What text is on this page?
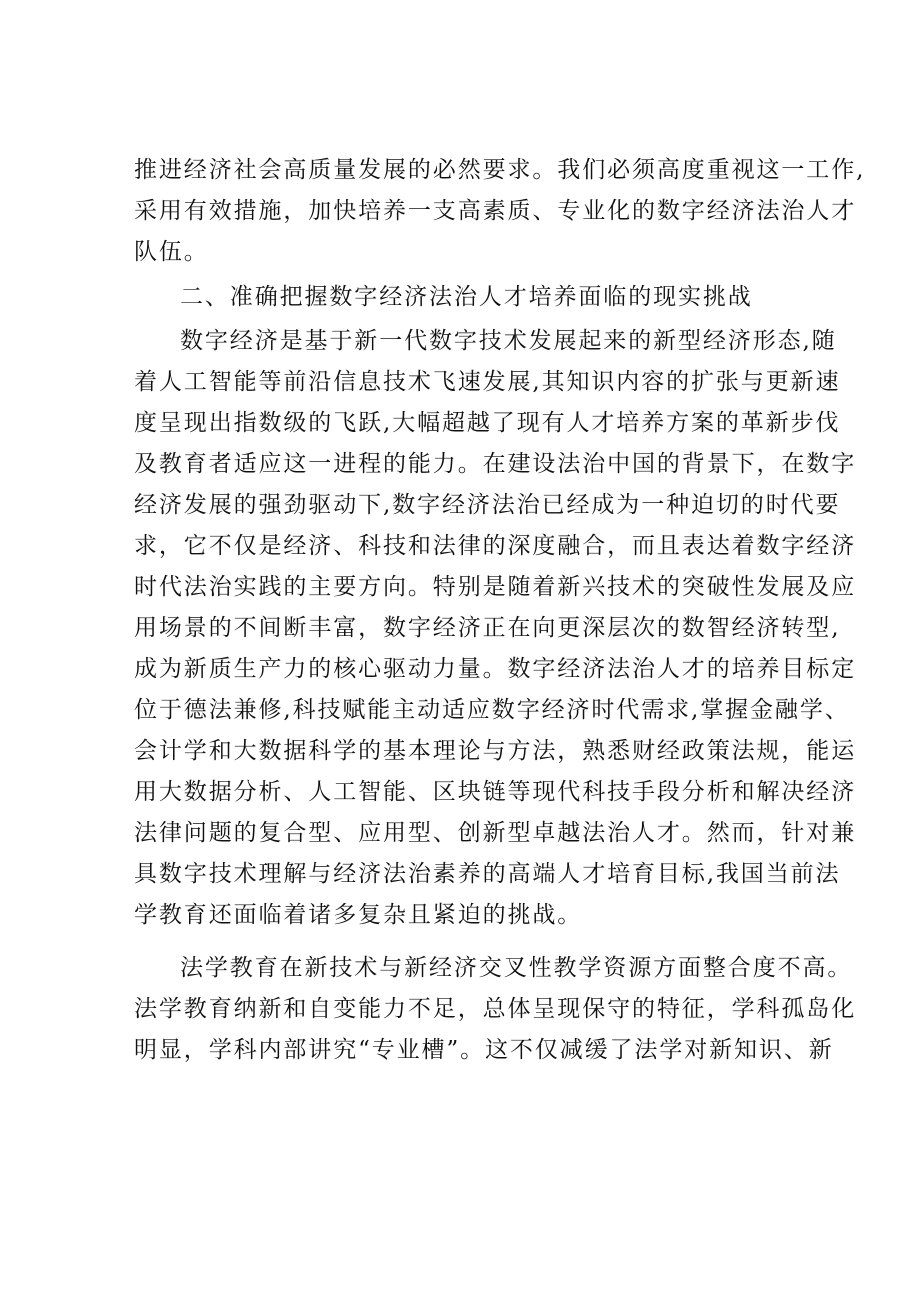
推进经济社会高质量发展的必然要求。我们必须高度重视这一工作,
采用有效措施，加快培养一支高素质、专业化的数字经济法治人才
队伍。
二、准确把握数字经济法治人才培养面临的现实挑战
数字经济是基于新一代数字技术发展起来的新型经济形态,随
着人工智能等前沿信息技术飞速发展,其知识内容的扩张与更新速
度呈现出指数级的飞跃,大幅超越了现有人才培养方案的革新步伐
及教育者适应这一进程的能力。在建设法治中国的背景下，在数字
经济发展的强劲驱动下,数字经济法治已经成为一种迫切的时代要
求，它不仅是经济、科技和法律的深度融合，而且表达着数字经济
时代法治实践的主要方向。特别是随着新兴技术的突破性发展及应
用场景的不间断丰富，数字经济正在向更深层次的数智经济转型,
成为新质生产力的核心驱动力量。数字经济法治人才的培养目标定
位于德法兼修,科技赋能主动适应数字经济时代需求,掌握金融学、
会计学和大数据科学的基本理论与方法，熟悉财经政策法规，能运
用大数据分析、人工智能、区块链等现代科技手段分析和解决经济
法律问题的复合型、应用型、创新型卓越法治人才。然而，针对兼
具数字技术理解与经济法治素养的高端人才培育目标,我国当前法
学教育还面临着诸多复杂且紧迫的挑战。
法学教育在新技术与新经济交叉性教学资源方面整合度不高。
法学教育纳新和自变能力不足，总体呈现保守的特征，学科孤岛化
明显，学科内部讲究“专业槽”。这不仅减缓了法学对新知识、新
